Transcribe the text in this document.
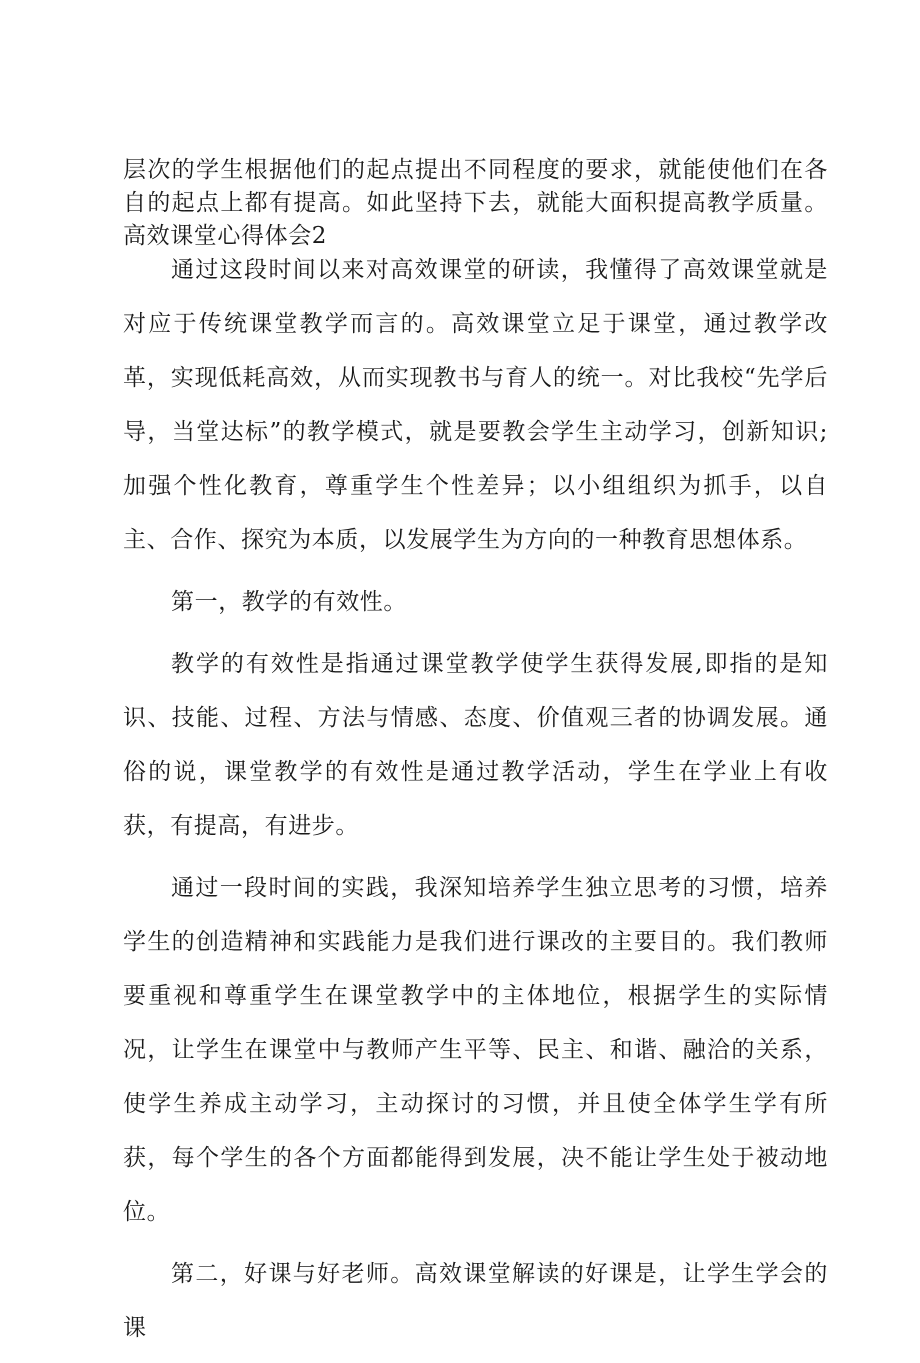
层次的学生根据他们的起点提出不同程度的要求，就能使他们在各自的起点上都有提高。如此坚持下去，就能大面积提高教学质量。高效课堂心得体会2

通过这段时间以来对高效课堂的研读，我懂得了高效课堂就是对应于传统课堂教学而言的。高效课堂立足于课堂，通过教学改革，实现低耗高效，从而实现教书与育人的统一。对比我校“先学后导，当堂达标”的教学模式，就是要教会学生主动学习，创新知识;加强个性化教育，尊重学生个性差异；以小组组织为抓手，以自主、合作、探究为本质，以发展学生为方向的一种教育思想体系。

第一，教学的有效性。

教学的有效性是指通过课堂教学使学生获得发展,即指的是知识、技能、过程、方法与情感、态度、价值观三者的协调发展。通俗的说，课堂教学的有效性是通过教学活动，学生在学业上有收获，有提高，有进步。

通过一段时间的实践，我深知培养学生独立思考的习惯，培养学生的创造精神和实践能力是我们进行课改的主要目的。我们教师要重视和尊重学生在课堂教学中的主体地位，根据学生的实际情况，让学生在课堂中与教师产生平等、民主、和谐、融洽的关系，使学生养成主动学习，主动探讨的习惯，并且使全体学生学有所获，每个学生的各个方面都能得到发展，决不能让学生处于被动地位。

第二，好课与好老师。高效课堂解读的好课是，让学生学会的课
